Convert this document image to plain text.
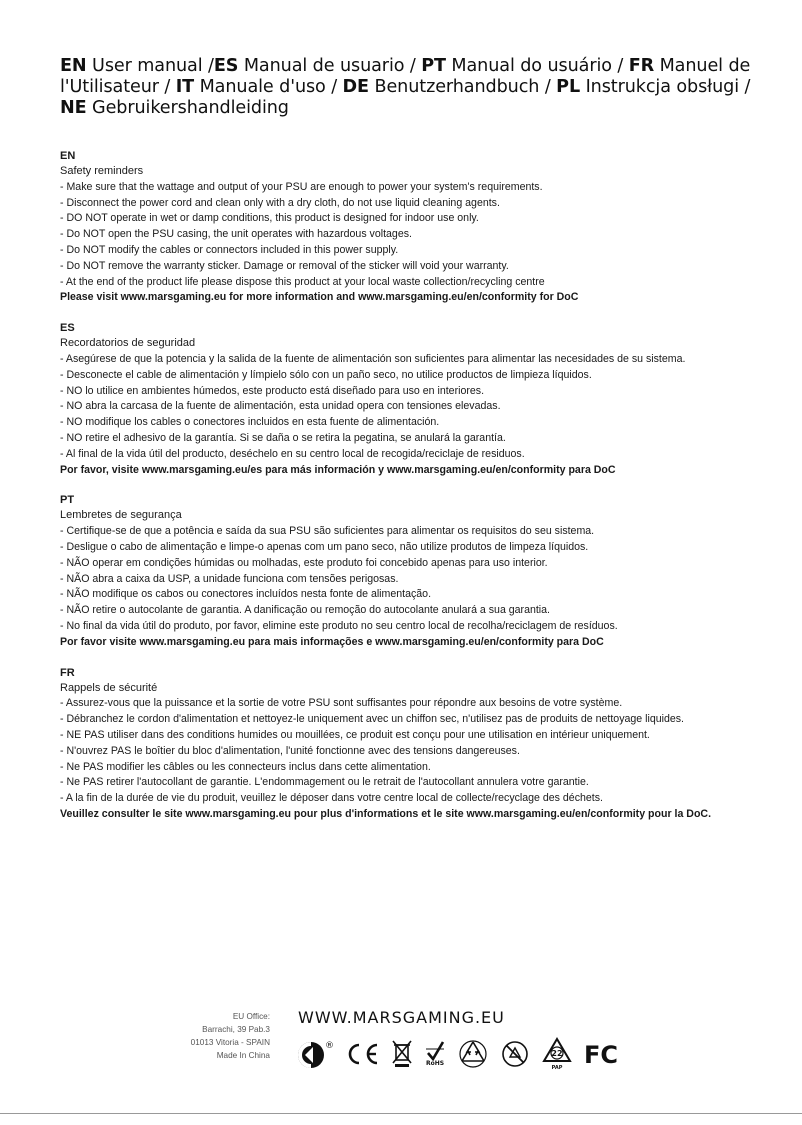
EN User manual /ES Manual de usuario / PT Manual do usuário / FR Manuel de l'Utilisateur / IT Manuale d'uso / DE Benutzerhandbuch / PL Instrukcja obsługi / NE Gebruikershandleiding
EN
Safety reminders
- Make sure that the wattage and output of your PSU are enough to power your system's requirements.
- Disconnect the power cord and clean only with a dry cloth, do not use liquid cleaning agents.
- DO NOT operate in wet or damp conditions, this product is designed for indoor use only.
- Do NOT open the PSU casing, the unit operates with hazardous voltages.
- Do NOT modify the cables or connectors included in this power supply.
- Do NOT remove the warranty sticker. Damage or removal of the sticker will void your warranty.
- At the end of the product life please dispose this product at your local waste collection/recycling centre
Please visit www.marsgaming.eu for more information and www.marsgaming.eu/en/conformity for DoC
ES
Recordatorios de seguridad
- Asegúrese de que la potencia y la salida de la fuente de alimentación son suficientes para alimentar las necesidades de su sistema.
- Desconecte el cable de alimentación y límpielo sólo con un paño seco, no utilice productos de limpieza líquidos.
- NO lo utilice en ambientes húmedos, este producto está diseñado para uso en interiores.
- NO abra la carcasa de la fuente de alimentación, esta unidad opera con tensiones elevadas.
- NO modifique los cables o conectores incluidos en esta fuente de alimentación.
- NO retire el adhesivo de la garantía. Si se daña o se retira la pegatina, se anulará la garantía.
- Al final de la vida útil del producto, deséchelo en su centro local de recogida/reciclaje de residuos.
Por favor, visite www.marsgaming.eu/es para más información y www.marsgaming.eu/en/conformity para DoC
PT
Lembretes de segurança
- Certifique-se de que a potência e saída da sua PSU são suficientes para alimentar os requisitos do seu sistema.
- Desligue o cabo de alimentação e limpe-o apenas com um pano seco, não utilize produtos de limpeza líquidos.
- NÃO operar em condições húmidas ou molhadas, este produto foi concebido apenas para uso interior.
- NÃO abra a caixa da USP, a unidade funciona com tensões perigosas.
- NÃO modifique os cabos ou conectores incluídos nesta fonte de alimentação.
- NÃO retire o autocolante de garantia. A danificação ou remoção do autocolante anulará a sua garantia.
- No final da vida útil do produto, por favor, elimine este produto no seu centro local de recolha/reciclagem de resíduos.
Por favor visite www.marsgaming.eu para mais informações e www.marsgaming.eu/en/conformity para DoC
FR
Rappels de sécurité
- Assurez-vous que la puissance et la sortie de votre PSU sont suffisantes pour répondre aux besoins de votre système.
- Débranchez le cordon d'alimentation et nettoyez-le uniquement avec un chiffon sec, n'utilisez pas de produits de nettoyage liquides.
- NE PAS utiliser dans des conditions humides ou mouillées, ce produit est conçu pour une utilisation en intérieur uniquement.
- N'ouvrez PAS le boîtier du bloc d'alimentation, l'unité fonctionne avec des tensions dangereuses.
- Ne PAS modifier les câbles ou les connecteurs inclus dans cette alimentation.
- Ne PAS retirer l'autocollant de garantie. L'endommagement ou le retrait de l'autocollant annulera votre garantie.
- A la fin de la durée de vie du produit, veuillez le déposer dans votre centre local de collecte/recyclage des déchets.
Veuillez consulter le site www.marsgaming.eu pour plus d'informations et le site www.marsgaming.eu/en/conformity pour la DoC.
EU Office:
Barrachi, 39 Pab.3
01013 Vitoria - SPAIN
Made In China
WWW.MARSGAMING.EU
®
RoHS
22
PAP FC
